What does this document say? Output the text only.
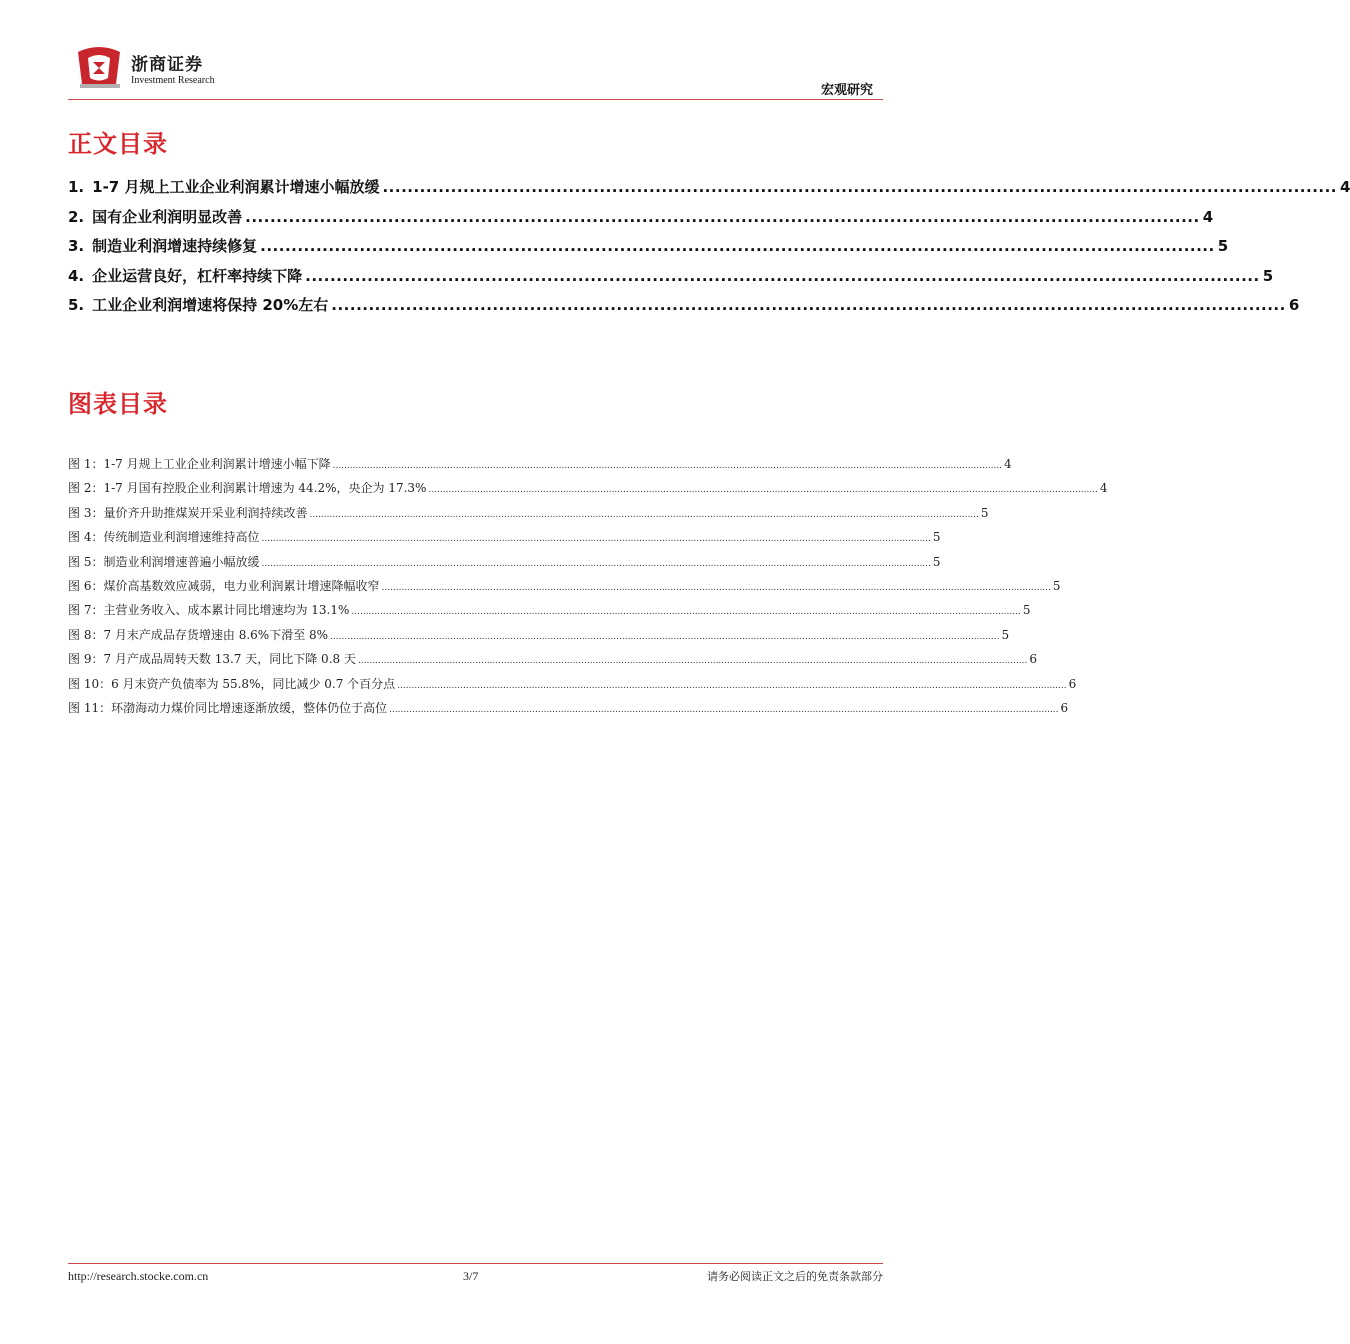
浙商证券
Investment Research
宏观研究
正文目录
1. 1-7 月规上工业企业利润累计增速小幅放缓 .......................................................................................................................................................... 4
2. 国有企业利润明显改善 .......................................................................................................................................................... 4
3. 制造业利润增速持续修复 .......................................................................................................................................................... 5
4. 企业运营良好，杠杆率持续下降 .......................................................................................................................................................... 5
5. 工业企业利润增速将保持 20%左右 .......................................................................................................................................................... 6
图表目录
图 1：1-7 月规上工业企业利润累计增速小幅下降 .......................................................................................................................................................................................................................................... 4
图 2：1-7 月国有控股企业利润累计增速为 44.2%，央企为 17.3% .......................................................................................................................................................................................................................................... 4
图 3：量价齐升助推煤炭开采业利润持续改善 .......................................................................................................................................................................................................................................... 5
图 4：传统制造业利润增速维持高位 .......................................................................................................................................................................................................................................... 5
图 5：制造业利润增速普遍小幅放缓 .......................................................................................................................................................................................................................................... 5
图 6：煤价高基数效应减弱，电力业利润累计增速降幅收窄 .......................................................................................................................................................................................................................................... 5
图 7：主营业务收入、成本累计同比增速均为 13.1% .......................................................................................................................................................................................................................................... 5
图 8：7 月末产成品存货增速由 8.6%下滑至 8% .......................................................................................................................................................................................................................................... 5
图 9：7 月产成品周转天数 13.7 天，同比下降 0.8 天 .......................................................................................................................................................................................................................................... 6
图 10：6 月末资产负债率为 55.8%，同比减少 0.7 个百分点 .......................................................................................................................................................................................................................................... 6
图 11：环渤海动力煤价同比增速逐渐放缓，整体仍位于高位 .......................................................................................................................................................................................................................................... 6
http://research.stocke.com.cn	3/7	请务必阅读正文之后的免责条款部分
